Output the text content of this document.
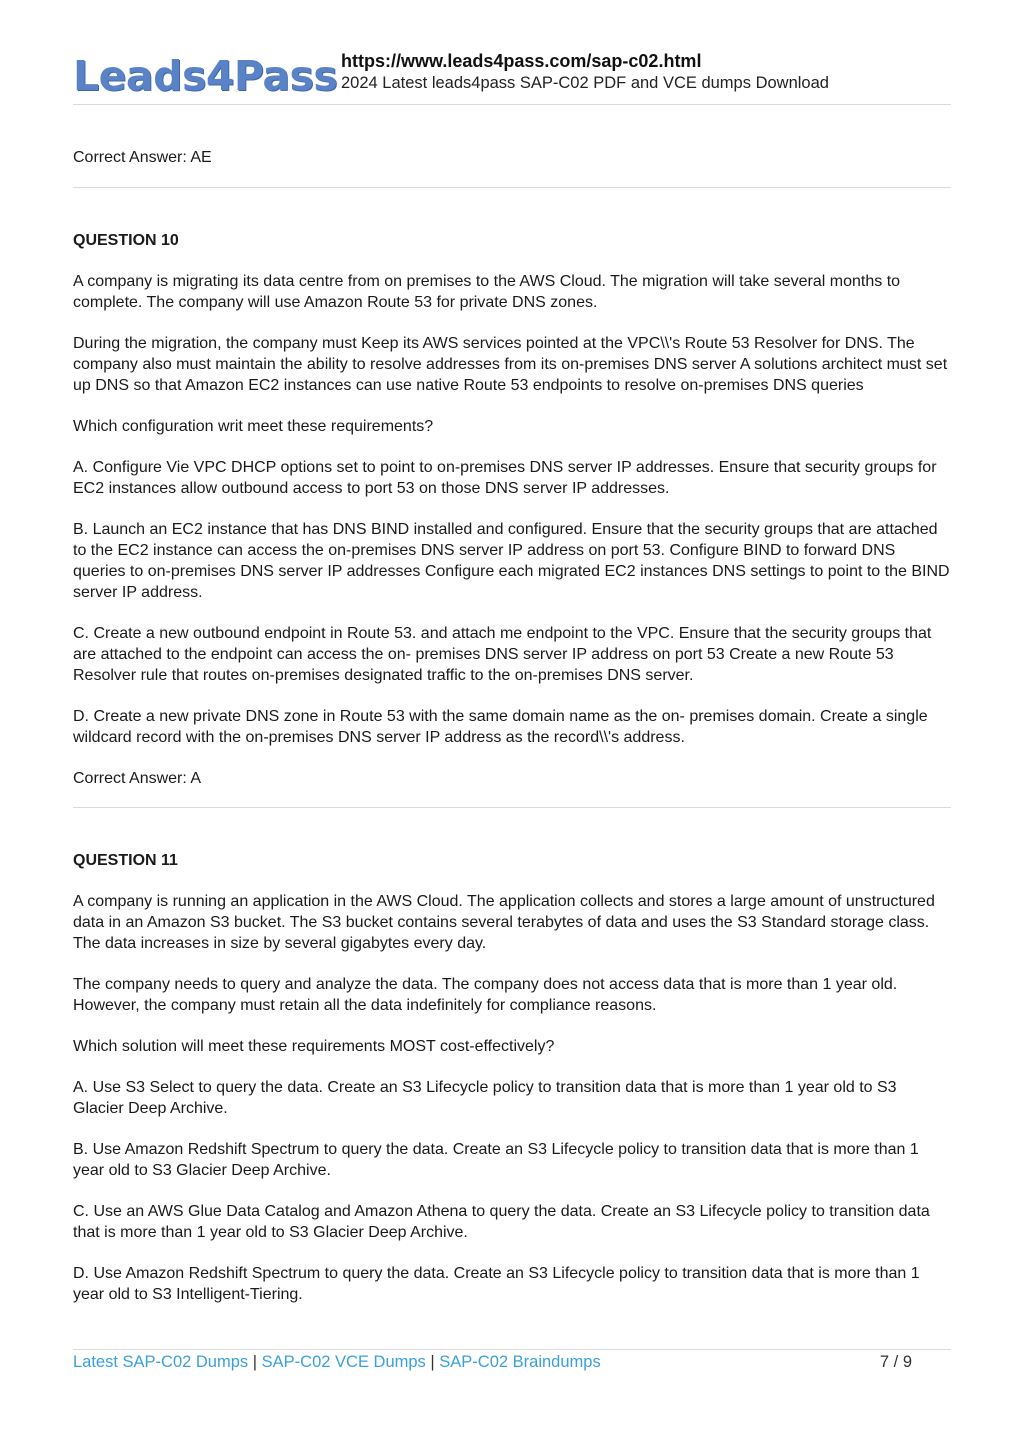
Leads4Pass https://www.leads4pass.com/sap-c02.html
2024 Latest leads4pass SAP-C02 PDF and VCE dumps Download

Correct Answer: AE

QUESTION 10

A company is migrating its data centre from on premises to the AWS Cloud. The migration will take several months to complete. The company will use Amazon Route 53 for private DNS zones.

During the migration, the company must Keep its AWS services pointed at the VPC\\'s Route 53 Resolver for DNS. The company also must maintain the ability to resolve addresses from its on-premises DNS server A solutions architect must set up DNS so that Amazon EC2 instances can use native Route 53 endpoints to resolve on-premises DNS queries

Which configuration writ meet these requirements?

A. Configure Vie VPC DHCP options set to point to on-premises DNS server IP addresses. Ensure that security groups for EC2 instances allow outbound access to port 53 on those DNS server IP addresses.

B. Launch an EC2 instance that has DNS BIND installed and configured. Ensure that the security groups that are attached to the EC2 instance can access the on-premises DNS server IP address on port 53. Configure BIND to forward DNS queries to on-premises DNS server IP addresses Configure each migrated EC2 instances DNS settings to point to the BIND server IP address.

C. Create a new outbound endpoint in Route 53. and attach me endpoint to the VPC. Ensure that the security groups that are attached to the endpoint can access the on- premises DNS server IP address on port 53 Create a new Route 53 Resolver rule that routes on-premises designated traffic to the on-premises DNS server.

D. Create a new private DNS zone in Route 53 with the same domain name as the on- premises domain. Create a single wildcard record with the on-premises DNS server IP address as the record\\'s address.

Correct Answer: A

QUESTION 11

A company is running an application in the AWS Cloud. The application collects and stores a large amount of unstructured data in an Amazon S3 bucket. The S3 bucket contains several terabytes of data and uses the S3 Standard storage class. The data increases in size by several gigabytes every day.

The company needs to query and analyze the data. The company does not access data that is more than 1 year old. However, the company must retain all the data indefinitely for compliance reasons.

Which solution will meet these requirements MOST cost-effectively?

A. Use S3 Select to query the data. Create an S3 Lifecycle policy to transition data that is more than 1 year old to S3 Glacier Deep Archive.

B. Use Amazon Redshift Spectrum to query the data. Create an S3 Lifecycle policy to transition data that is more than 1 year old to S3 Glacier Deep Archive.

C. Use an AWS Glue Data Catalog and Amazon Athena to query the data. Create an S3 Lifecycle policy to transition data that is more than 1 year old to S3 Glacier Deep Archive.

D. Use Amazon Redshift Spectrum to query the data. Create an S3 Lifecycle policy to transition data that is more than 1 year old to S3 Intelligent-Tiering.

Latest SAP-C02 Dumps | SAP-C02 VCE Dumps | SAP-C02 Braindumps	7 / 9
